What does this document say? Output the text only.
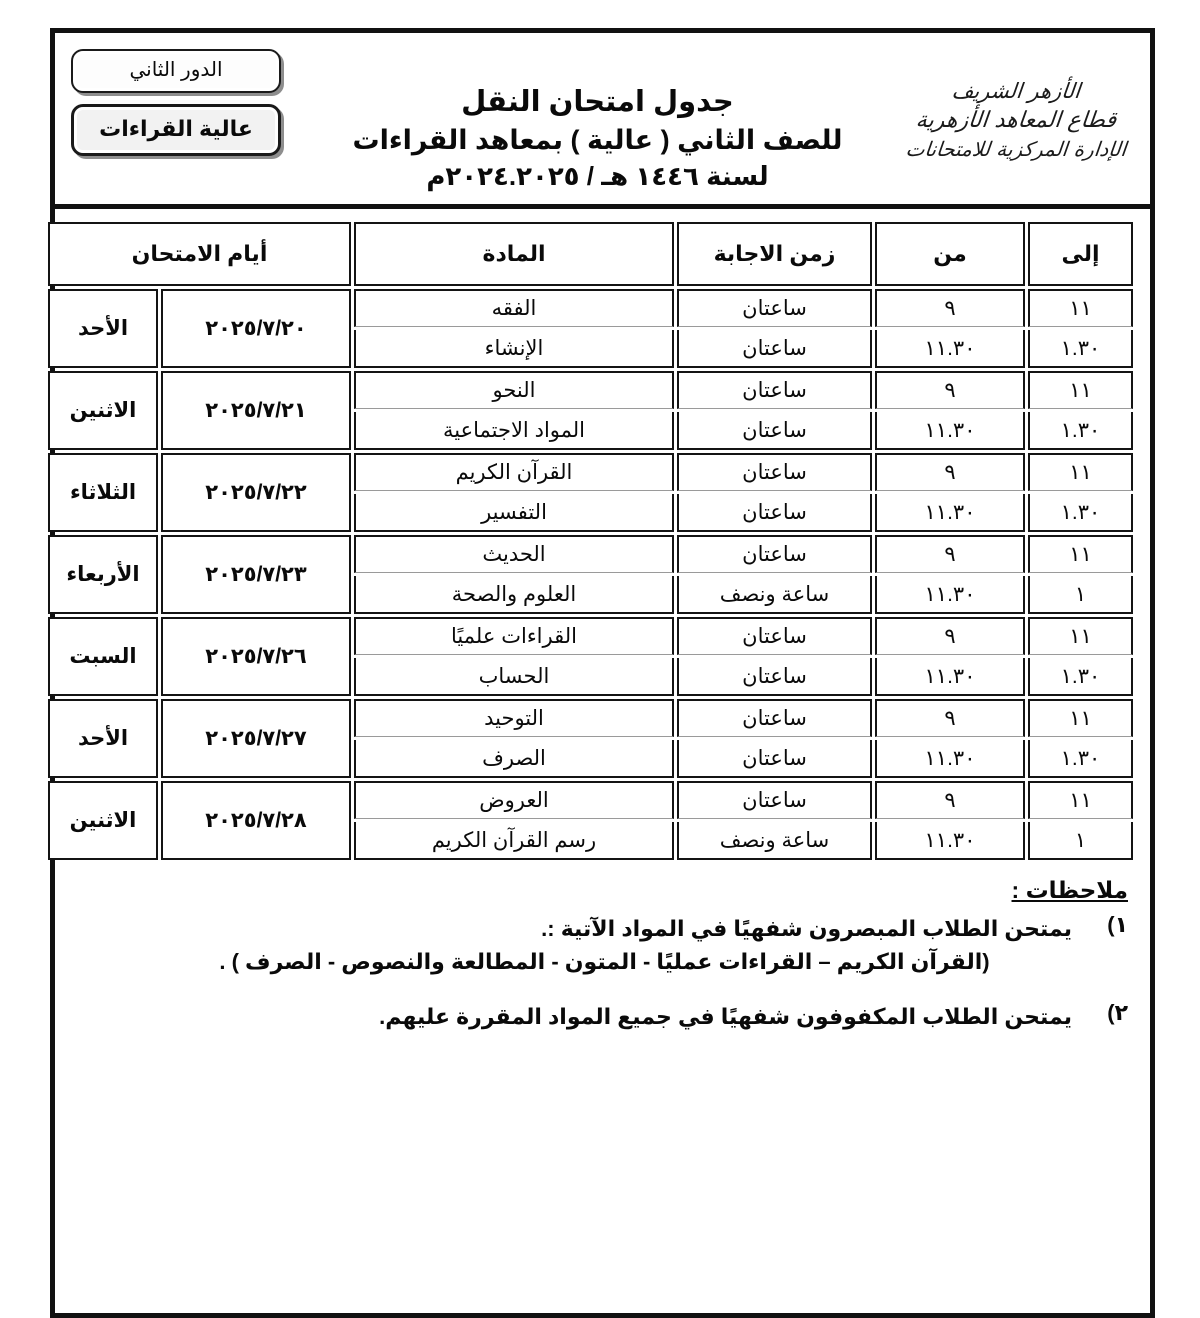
الدور الثاني
عالية القراءات
جدول امتحان النقل
للصف الثاني ( عالية ) بمعاهد القراءات
لسنة ١٤٤٦ هـ / ٢٠٢٤.٢٠٢٥م
الأزهر الشريف
قطاع المعاهد الأزهرية
الإدارة المركزية للامتحانات
إلى	من	زمن الاجابة	المادة	أيام الامتحان	
١١	٩	ساعتان	الفقه	٢٠٢٥/٧/٢٠	الأحد
١.٣٠	١١.٣٠	ساعتان	الإنشاء		
١١	٩	ساعتان	النحو	٢٠٢٥/٧/٢١	الاثنين
١.٣٠	١١.٣٠	ساعتان	المواد الاجتماعية		
١١	٩	ساعتان	القرآن الكريم	٢٠٢٥/٧/٢٢	الثلاثاء
١.٣٠	١١.٣٠	ساعتان	التفسير		
١١	٩	ساعتان	الحديث	٢٠٢٥/٧/٢٣	الأربعاء
١	١١.٣٠	ساعة ونصف	العلوم والصحة		
١١	٩	ساعتان	القراءات علميًا	٢٠٢٥/٧/٢٦	السبت
١.٣٠	١١.٣٠	ساعتان	الحساب		
١١	٩	ساعتان	التوحيد	٢٠٢٥/٧/٢٧	الأحد
١.٣٠	١١.٣٠	ساعتان	الصرف		
١١	٩	ساعتان	العروض	٢٠٢٥/٧/٢٨	الاثنين
١	١١.٣٠	ساعة ونصف	رسم القرآن الكريم		
ملاحظات :
١)
يمتحن الطلاب المبصرون شفهيًا في المواد الآتية :.
(القرآن الكريم – القراءات عمليًا - المتون - المطالعة والنصوص - الصرف ) .
٢)
يمتحن الطلاب المكفوفون شفهيًا في جميع المواد المقررة عليهم.
